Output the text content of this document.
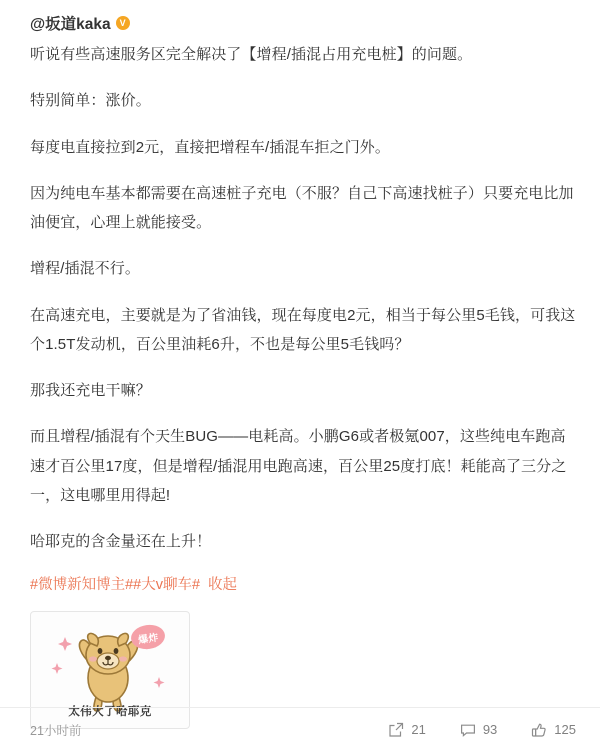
@坂道kaka V

听说有些高速服务区完全解决了【增程/插混占用充电桩】的问题。

特别简单：涨价。

每度电直接拉到2元，直接把增程车/插混车拒之门外。

因为纯电车基本都需要在高速桩子充电（不服？自己下高速找桩子）只要充电比加油便宜，心理上就能接受。

增程/插混不行。

在高速充电，主要就是为了省油钱，现在每度电2元，相当于每公里5毛钱，可我这个1.5T发动机，百公里油耗6升，不也是每公里5毛钱吗？

那我还充电干嘛？

而且增程/插混有个天生BUG——电耗高。小鹏G6或者极氪007，这些纯电车跑高速才百公里17度，但是增程/插混用电跑高速，百公里25度打底！耗能高了三分之一，这电哪里用得起!

哈耶克的含金量还在上升！

#微博新知博主##大v聊车# 收起
爆炸
太伟大了哈耶克
21小时前	21	93	125
